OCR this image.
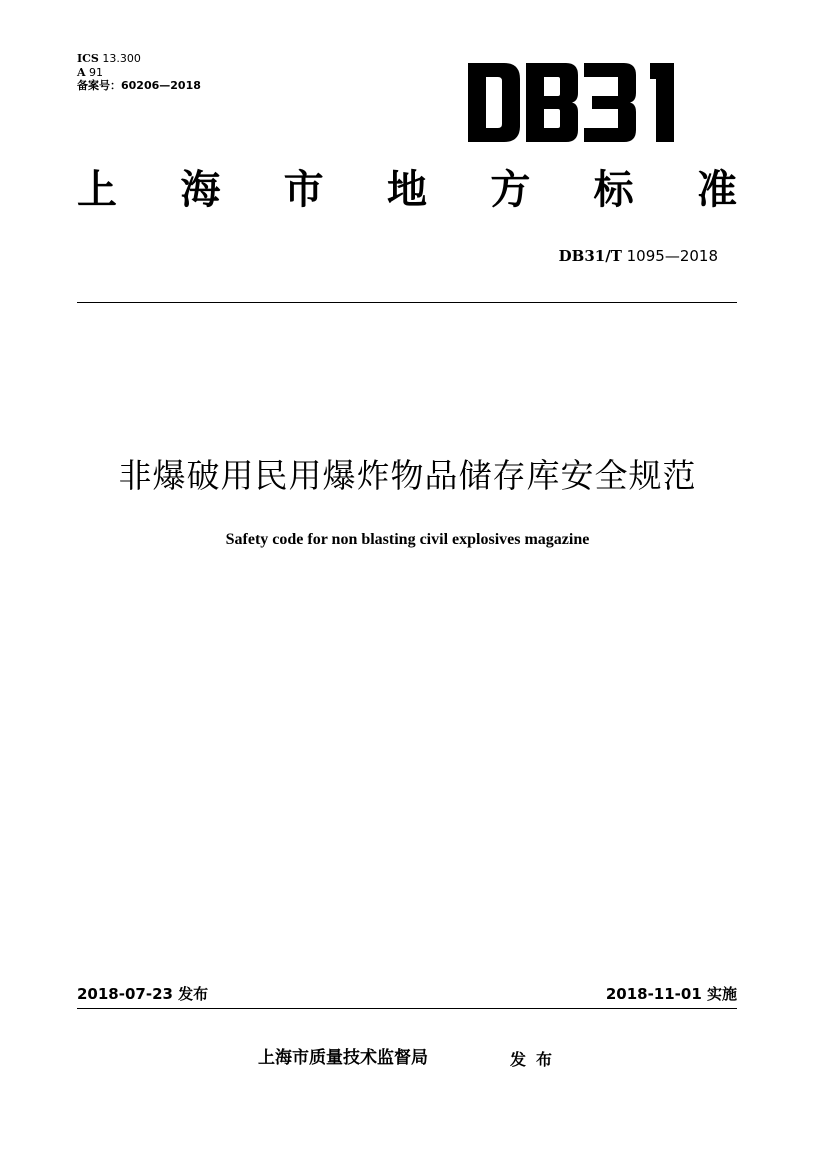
ICS 13.300
A 91
备案号：60206—2018
上 海 市 地 方 标 准
DB31/T 1095—2018
非爆破用民用爆炸物品储存库安全规范
Safety code for non blasting civil explosives magazine
2018-07-23 发布	2018-11-01 实施
上海市质量技术监督局	发布
